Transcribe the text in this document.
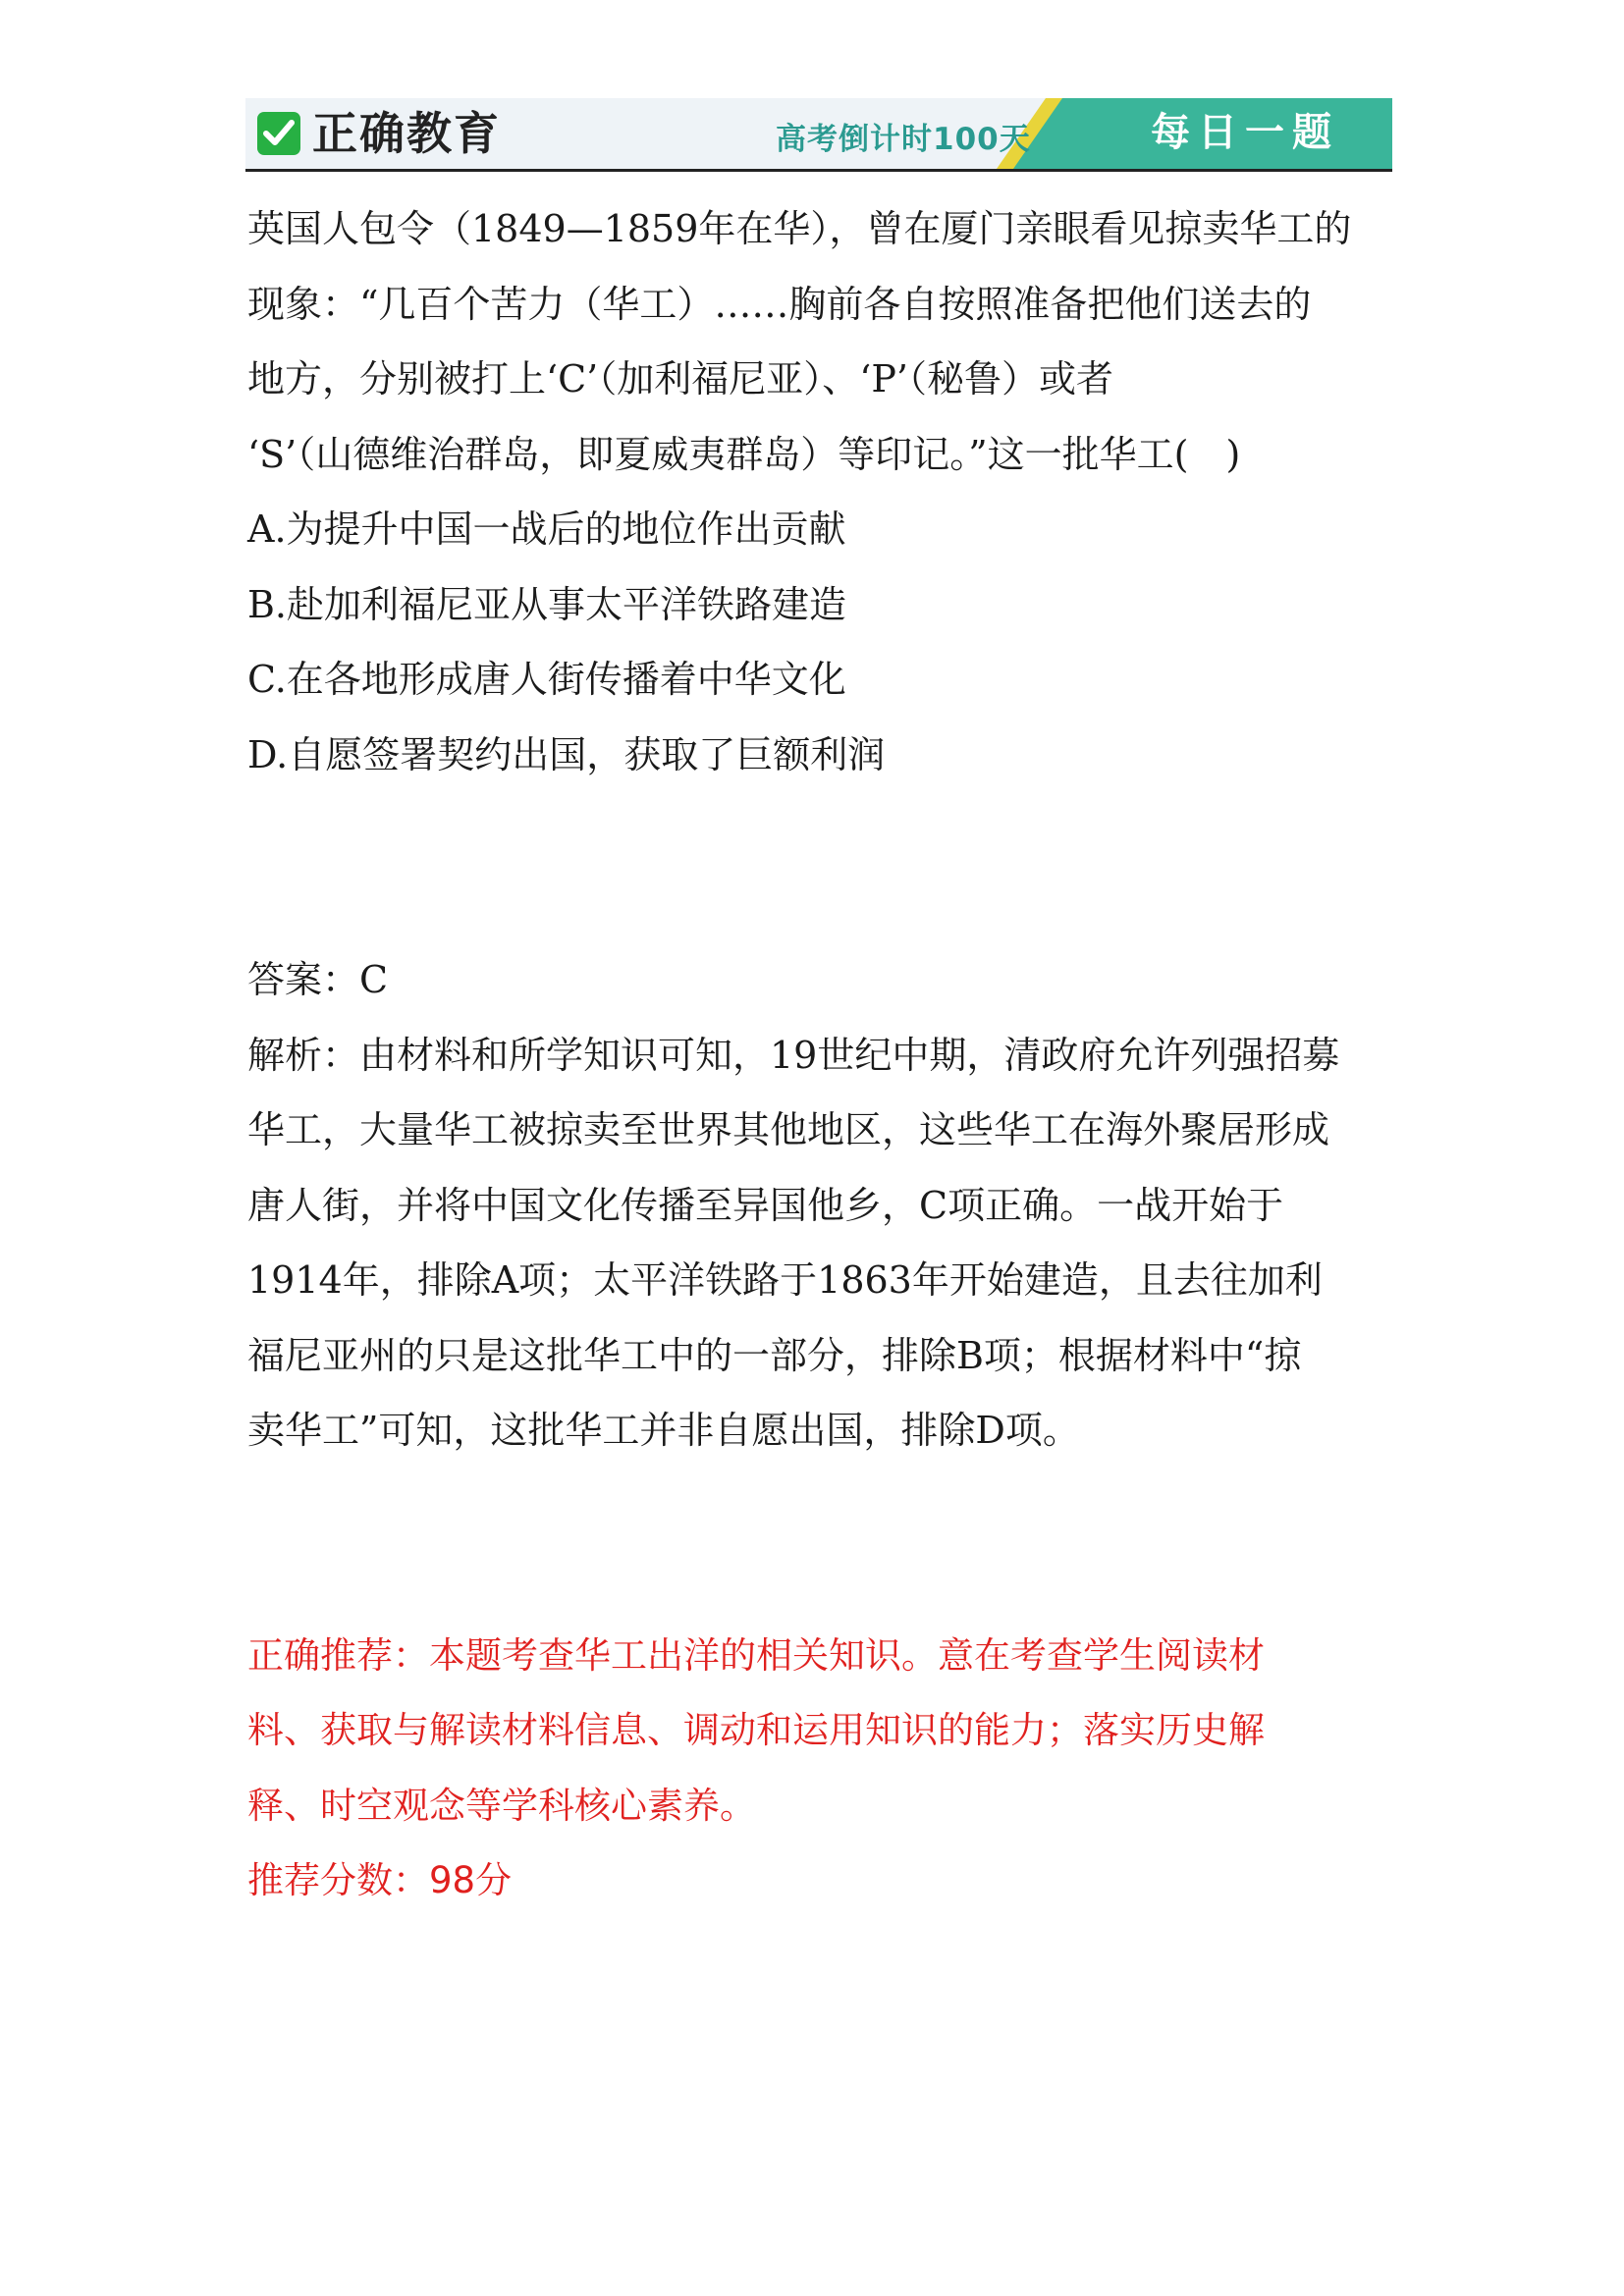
正确教育	高考倒计时100天	每日一题
英国人包令（1849—1859年在华），曾在厦门亲眼看见掠卖华工的
现象：“几百个苦力（华工）……胸前各自按照准备把他们送去的
地方，分别被打上‘C’（加利福尼亚）、‘P’（秘鲁）或者
‘S’（山德维治群岛，即夏威夷群岛）等印记。”这一批华工(　)
A.为提升中国一战后的地位作出贡献
B.赴加利福尼亚从事太平洋铁路建造
C.在各地形成唐人街传播着中华文化
D.自愿签署契约出国，获取了巨额利润
答案：C
解析：由材料和所学知识可知，19世纪中期，清政府允许列强招募
华工，大量华工被掠卖至世界其他地区，这些华工在海外聚居形成
唐人街，并将中国文化传播至异国他乡，C项正确。一战开始于
1914年，排除A项；太平洋铁路于1863年开始建造，且去往加利
福尼亚州的只是这批华工中的一部分，排除B项；根据材料中“掠
卖华工”可知，这批华工并非自愿出国，排除D项。
正确推荐：本题考查华工出洋的相关知识。意在考查学生阅读材
料、获取与解读材料信息、调动和运用知识的能力；落实历史解
释、时空观念等学科核心素养。
推荐分数：98分
